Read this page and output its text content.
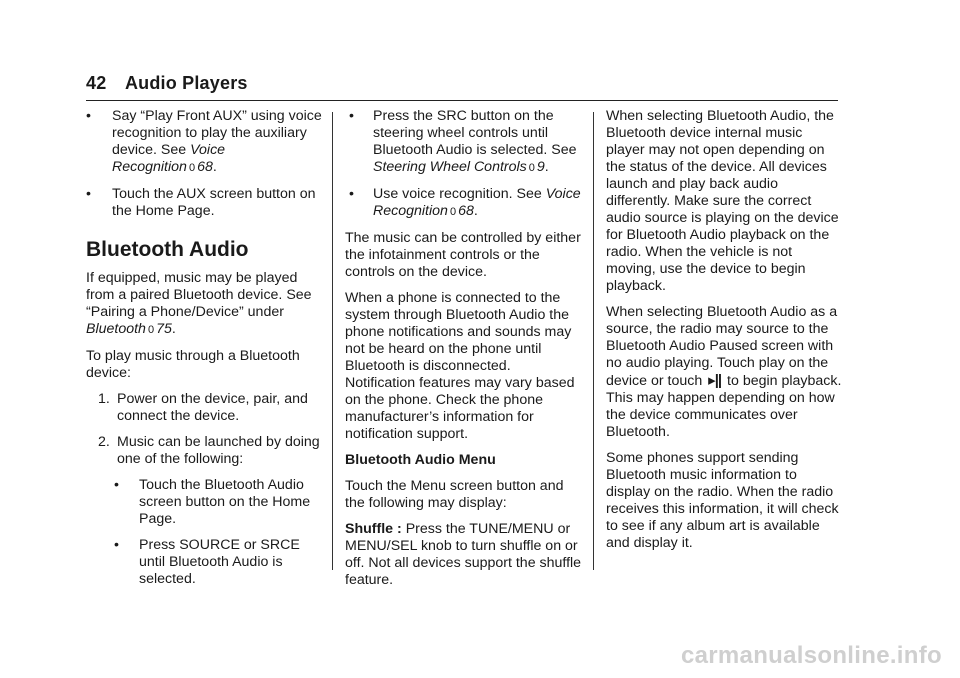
42 Audio Players
• Say “Play Front AUX” using voice recognition to play the auxiliary device. See Voice Recognition 0 68.
• Touch the AUX screen button on the Home Page.
Bluetooth Audio

If equipped, music may be played from a paired Bluetooth device. See “Pairing a Phone/Device” under Bluetooth 0 75.

To play music through a Bluetooth device:

1. Power on the device, pair, and connect the device.
2. Music can be launched by doing one of the following:
• Touch the Bluetooth Audio screen button on the Home Page.
• Press SOURCE or SRCE until Bluetooth Audio is selected.
• Press the SRC button on the steering wheel controls until Bluetooth Audio is selected. See Steering Wheel Controls 0 9.
• Use voice recognition. See Voice Recognition 0 68.

The music can be controlled by either the infotainment controls or the controls on the device.

When a phone is connected to the system through Bluetooth Audio the phone notifications and sounds may not be heard on the phone until Bluetooth is disconnected. Notification features may vary based on the phone. Check the phone manufacturer’s information for notification support.

Bluetooth Audio Menu

Touch the Menu screen button and the following may display:

Shuffle : Press the TUNE/MENU or MENU/SEL knob to turn shuffle on or off. Not all devices support the shuffle feature.

When selecting Bluetooth Audio, the Bluetooth device internal music player may not open depending on the status of the device. All devices launch and play back audio differently. Make sure the correct audio source is playing on the device for Bluetooth Audio playback on the radio. When the vehicle is not moving, use the device to begin playback.

When selecting Bluetooth Audio as a source, the radio may source to the Bluetooth Audio Paused screen with no audio playing. Touch play on the device or touch ▸|| to begin playback. This may happen depending on how the device communicates over Bluetooth.

Some phones support sending Bluetooth music information to display on the radio. When the radio receives this information, it will check to see if any album art is available and display it.

carmanualsonline.info
